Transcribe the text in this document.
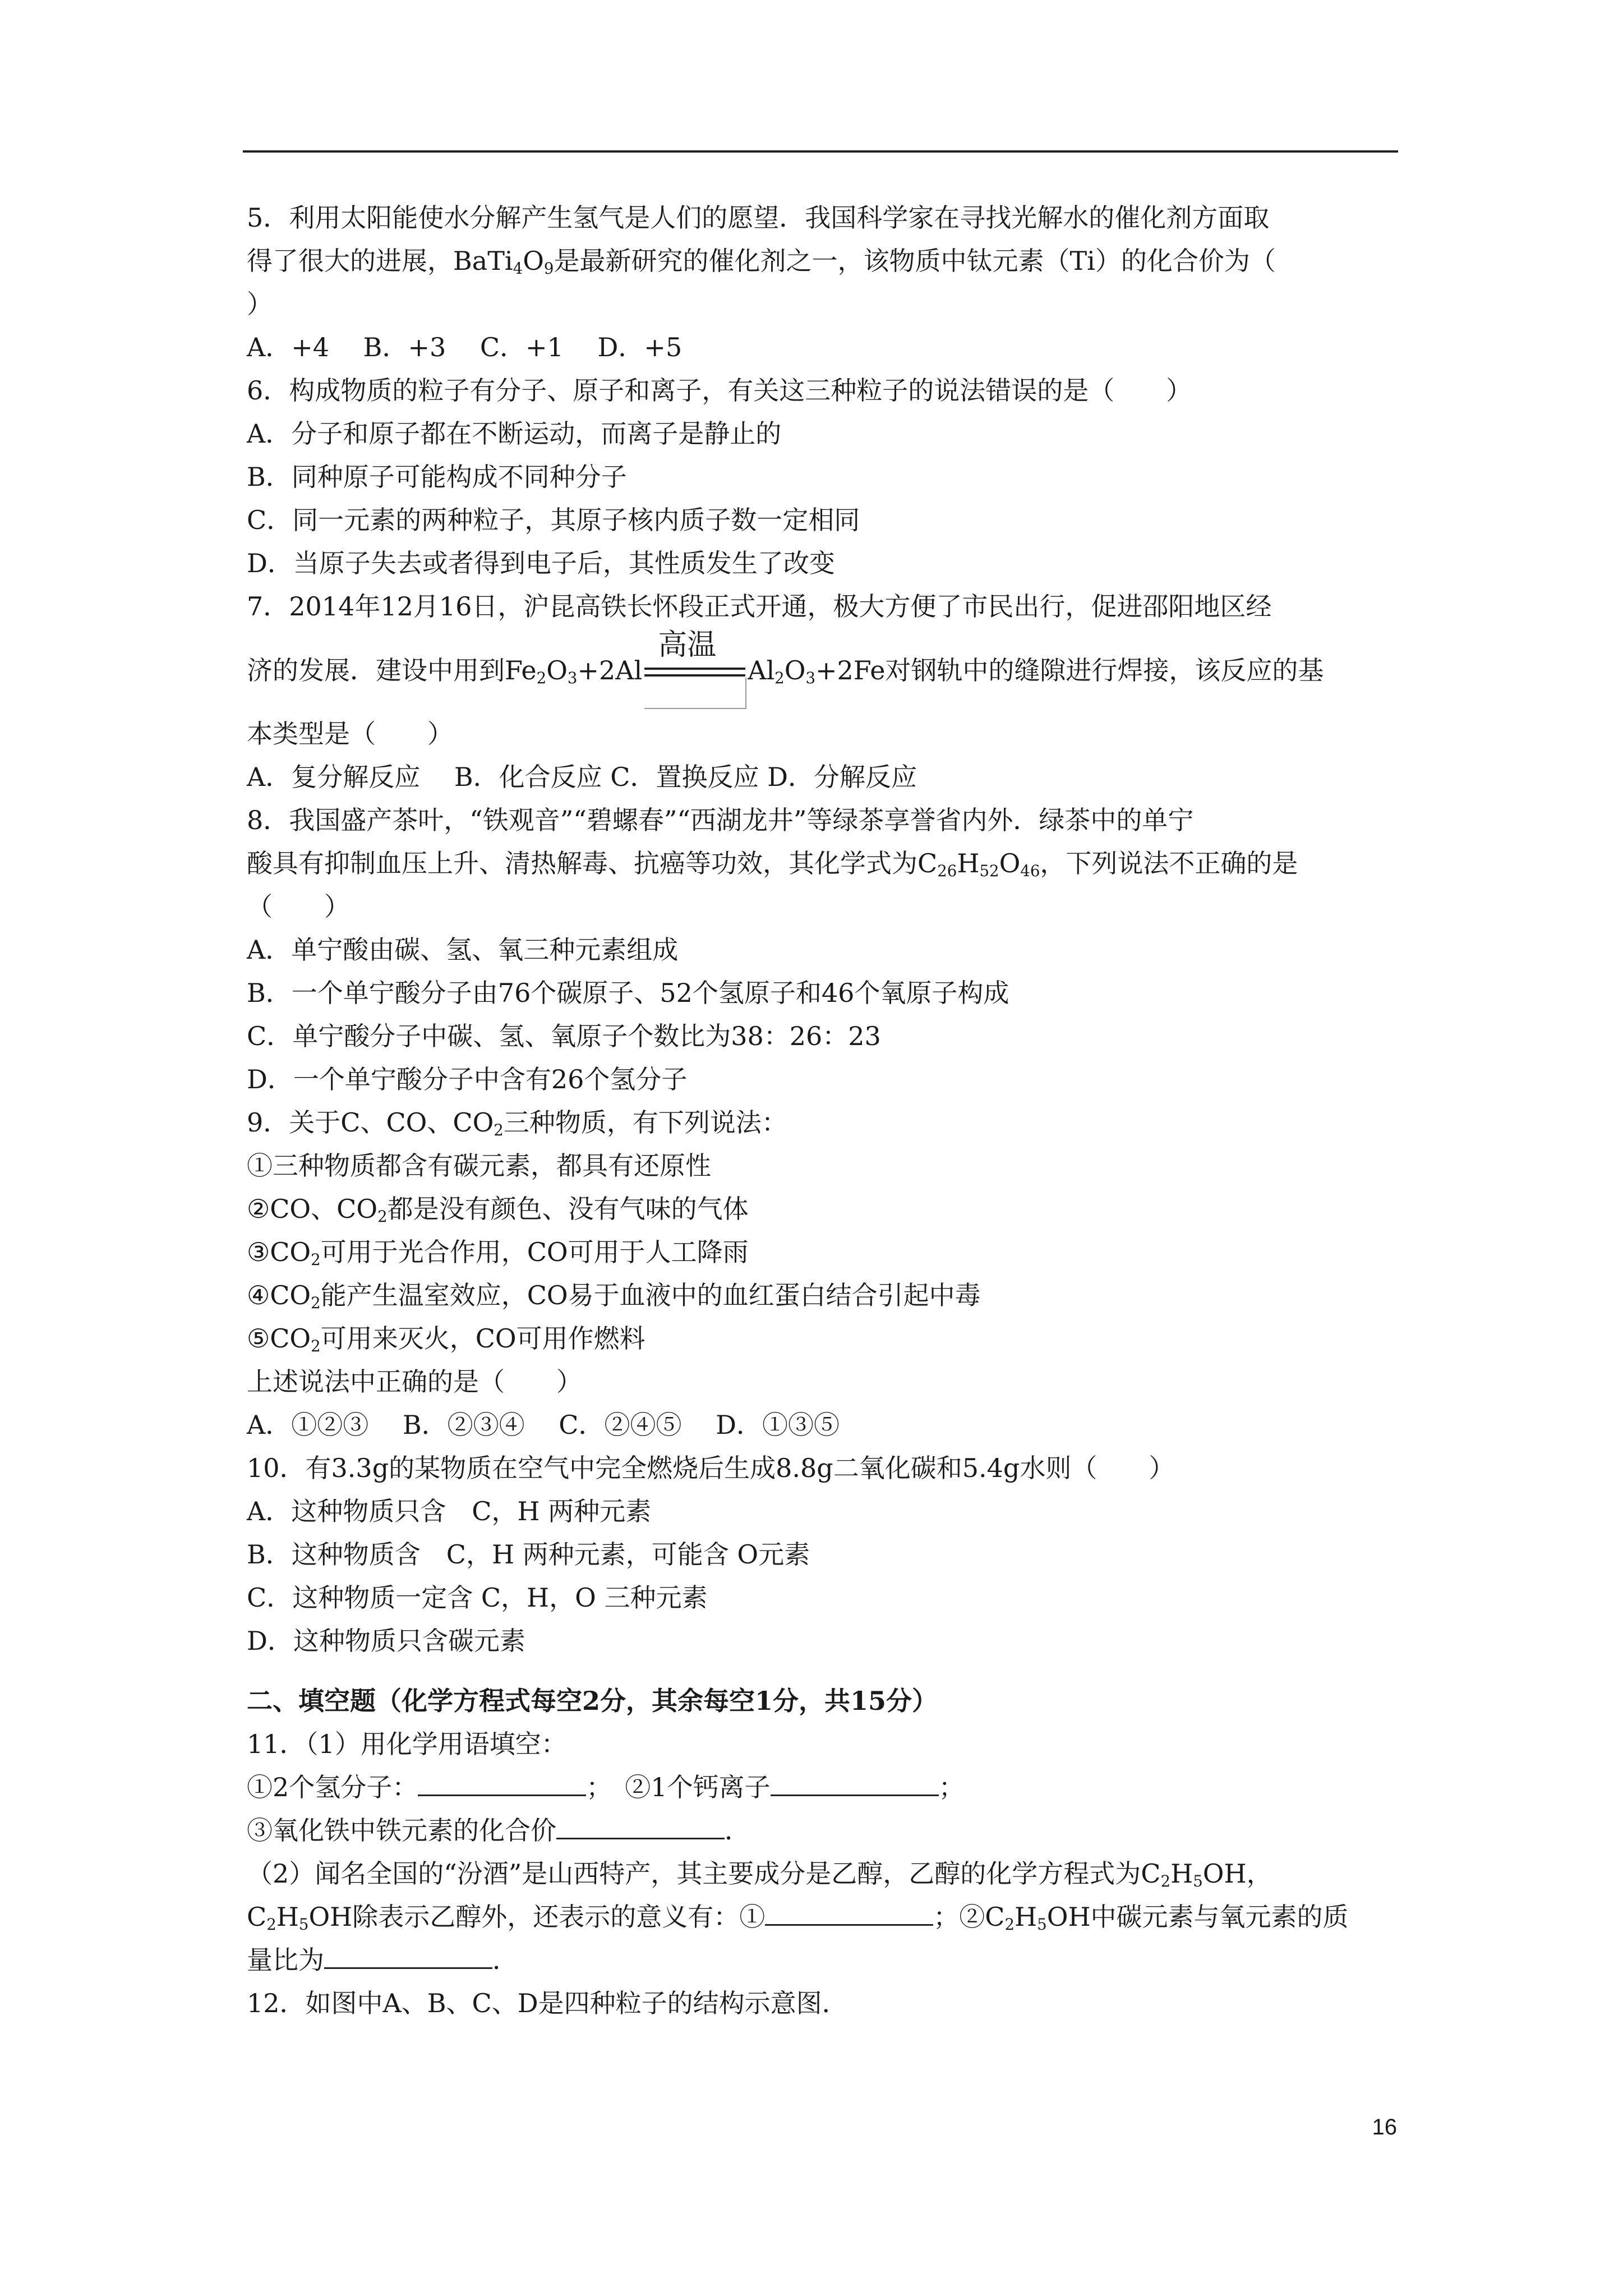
5．利用太阳能使水分解产生氢气是人们的愿望．我国科学家在寻找光解水的催化剂方面取
得了很大的进展，$BaTi_4O_9$是最新研究的催化剂之一，该物质中钛元素（Ti）的化合价为（
）
A．+4　 B．+3　 C．+1　 D．+5
6．构成物质的粒子有分子、原子和离子，有关这三种粒子的说法错误的是（　　）
A．分子和原子都在不断运动，而离子是静止的
B．同种原子可能构成不同种分子
C．同一元素的两种粒子，其原子核内质子数一定相同
D．当原子失去或者得到电子后，其性质发生了改变
7．2014年12月16日，沪昆高铁长怀段正式开通，极大方便了市民出行，促进邵阳地区经
济的发展．建设中用到$Fe_2O_3+2Al$
高温
$Al_2O_3+2Fe$对钢轨中的缝隙进行焊接，该反应的基
本类型是（　　）
A．复分解反应　 B．化合反应 C．置换反应 D．分解反应
8．我国盛产茶叶，“铁观音”“碧螺春”“西湖龙井”等绿茶享誉省内外．绿茶中的单宁
酸具有抑制血压上升、清热解毒、抗癌等功效，其化学式为$C_{26}H_{52}O_{46}$，下列说法不正确的是
（　　）
A．单宁酸由碳、氢、氧三种元素组成
B．一个单宁酸分子由76个碳原子、52个氢原子和46个氧原子构成
C．单宁酸分子中碳、氢、氧原子个数比为38：26：23
D．一个单宁酸分子中含有26个氢分子
9．关于C、CO、$CO_2$三种物质，有下列说法：
①三种物质都含有碳元素，都具有还原性
②CO、$CO_2$都是没有颜色、没有气味的气体
$③CO_2$可用于光合作用，CO可用于人工降雨
$④CO_2$能产生温室效应，CO易于血液中的血红蛋白结合引起中毒
$⑤CO_2$可用来灭火，CO可用作燃料
上述说法中正确的是（　　）
A．①②③　 B．②③④　 C．②④⑤　 D．①③⑤
10．有3.3g的某物质在空气中完全燃烧后生成8.8g二氧化碳和5.4g水则（　　）
A．这种物质只含　C，H 两种元素
B．这种物质含　C，H 两种元素，可能含 O元素
C．这种物质一定含 C，H，O 三种元素
D．这种物质只含碳元素
二、填空题（化学方程式每空2分，其余每空1分，共15分）
11．（1）用化学用语填空：
①2个氢分子：	；　②1个钙离子	；
③氧化铁中铁元素的化合价	．
（2）闻名全国的“汾酒”是山西特产，其主要成分是乙醇，乙醇的化学方程式为$C_2H_5OH$，
$C_2H_5OH$除表示乙醇外，还表示的意义有：①	；$②C_2H_5OH$中碳元素与氧元素的质
量比为	．
12．如图中A、B、C、D是四种粒子的结构示意图．
16
